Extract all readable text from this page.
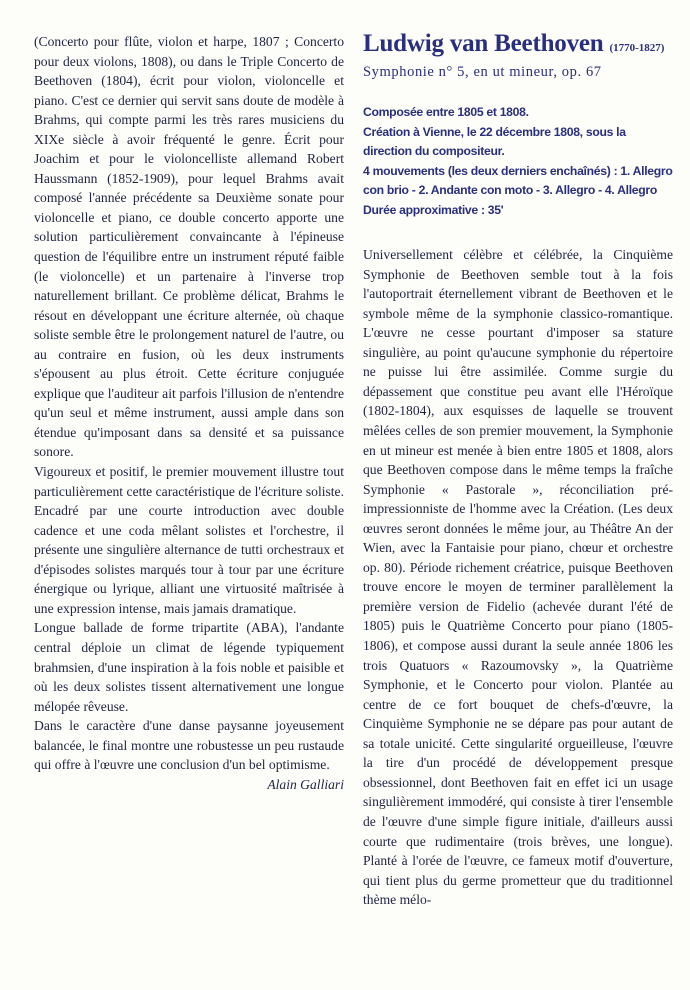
(Concerto pour flûte, violon et harpe, 1807 ; Concerto pour deux violons, 1808), ou dans le Triple Concerto de Beethoven (1804), écrit pour violon, violoncelle et piano. C'est ce dernier qui servit sans doute de modèle à Brahms, qui compte parmi les très rares musiciens du XIXe siècle à avoir fréquenté le genre. Écrit pour Joachim et pour le violoncelliste allemand Robert Haussmann (1852-1909), pour lequel Brahms avait composé l'année précédente sa Deuxième sonate pour violoncelle et piano, ce double concerto apporte une solution particulièrement convaincante à l'épineuse question de l'équilibre entre un instrument réputé faible (le violoncelle) et un partenaire à l'inverse trop naturellement brillant. Ce problème délicat, Brahms le résout en développant une écriture alternée, où chaque soliste semble être le prolongement naturel de l'autre, ou au contraire en fusion, où les deux instruments s'épousent au plus étroit. Cette écriture conjuguée explique que l'auditeur ait parfois l'illusion de n'entendre qu'un seul et même instrument, aussi ample dans son étendue qu'imposant dans sa densité et sa puissance sonore.

Vigoureux et positif, le premier mouvement illustre tout particulièrement cette caractéristique de l'écriture soliste. Encadré par une courte introduction avec double cadence et une coda mêlant solistes et l'orchestre, il présente une singulière alternance de tutti orchestraux et d'épisodes solistes marqués tour à tour par une écriture énergique ou lyrique, alliant une virtuosité maîtrisée à une expression intense, mais jamais dramatique.

Longue ballade de forme tripartite (ABA), l'andante central déploie un climat de légende typiquement brahmsien, d'une inspiration à la fois noble et paisible et où les deux solistes tissent alternativement une longue mélopée rêveuse.

Dans le caractère d'une danse paysanne joyeusement balancée, le final montre une robustesse un peu rustaude qui offre à l'œuvre une conclusion d'un bel optimisme.
Alain Galliari

Ludwig van Beethoven (1770-1827)
Symphonie n° 5, en ut mineur, op. 67
Composée entre 1805 et 1808.
Création à Vienne, le 22 décembre 1808, sous la direction du compositeur.
4 mouvements (les deux derniers enchaînés) : 1. Allegro con brio - 2. Andante con moto - 3. Allegro - 4. Allegro
Durée approximative : 35'

Universellement célèbre et célébrée, la Cinquième Symphonie de Beethoven semble tout à la fois l'autoportrait éternellement vibrant de Beethoven et le symbole même de la symphonie classico-romantique. L'œuvre ne cesse pourtant d'imposer sa stature singulière, au point qu'aucune symphonie du répertoire ne puisse lui être assimilée. Comme surgie du dépassement que constitue peu avant elle l'Héroïque (1802-1804), aux esquisses de laquelle se trouvent mêlées celles de son premier mouvement, la Symphonie en ut mineur est menée à bien entre 1805 et 1808, alors que Beethoven compose dans le même temps la fraîche Symphonie « Pastorale », réconciliation pré-impressionniste de l'homme avec la Création. (Les deux œuvres seront données le même jour, au Théâtre An der Wien, avec la Fantaisie pour piano, chœur et orchestre op. 80). Période richement créatrice, puisque Beethoven trouve encore le moyen de terminer parallèlement la première version de Fidelio (achevée durant l'été de 1805) puis le Quatrième Concerto pour piano (1805-1806), et compose aussi durant la seule année 1806 les trois Quatuors « Razoumovsky », la Quatrième Symphonie, et le Concerto pour violon. Plantée au centre de ce fort bouquet de chefs-d'œuvre, la Cinquième Symphonie ne se dépare pas pour autant de sa totale unicité. Cette singularité orgueilleuse, l'œuvre la tire d'un procédé de développement presque obsessionnel, dont Beethoven fait en effet ici un usage singulièrement immodéré, qui consiste à tirer l'ensemble de l'œuvre d'une simple figure initiale, d'ailleurs aussi courte que rudimentaire (trois brèves, une longue). Planté à l'orée de l'œuvre, ce fameux motif d'ouverture, qui tient plus du germe prometteur que du traditionnel thème mélo-
